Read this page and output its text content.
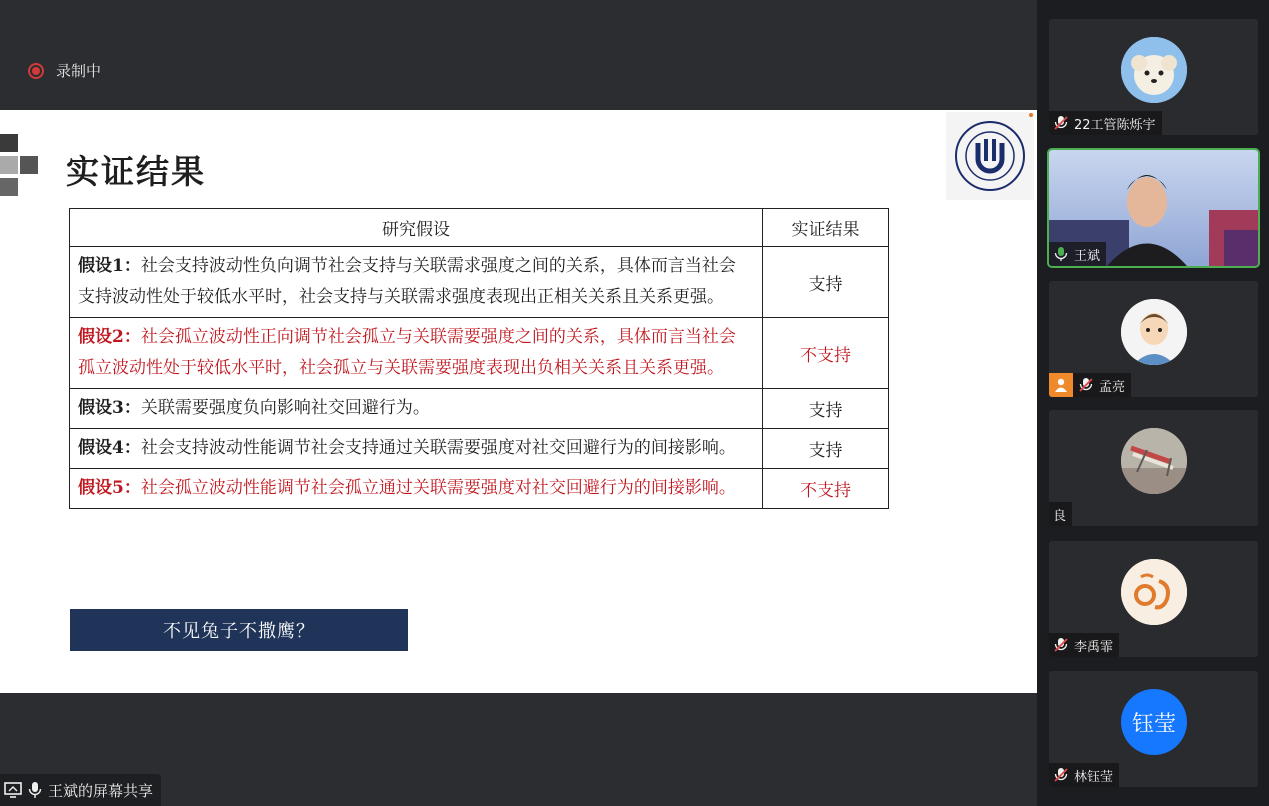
录制中
实证结果
研究假设	实证结果
假设1：社会支持波动性负向调节社会支持与关联需求强度之间的关系，具体而言当社会支持波动性处于较低水平时，社会支持与关联需求强度表现出正相关关系且关系更强。	支持
假设2：社会孤立波动性正向调节社会孤立与关联需要强度之间的关系，具体而言当社会孤立波动性处于较低水平时，社会孤立与关联需要强度表现出负相关关系且关系更强。	不支持
假设3：关联需要强度负向影响社交回避行为。	支持
假设4：社会支持波动性能调节社会支持通过关联需要强度对社交回避行为的间接影响。	支持
假设5：社会孤立波动性能调节社会孤立通过关联需要强度对社交回避行为的间接影响。	不支持
不见兔子不撒鹰？
王斌的屏幕共享
22工管陈烁宇
王斌
孟亮
良
李禹霏
钰莹
林钰莹
